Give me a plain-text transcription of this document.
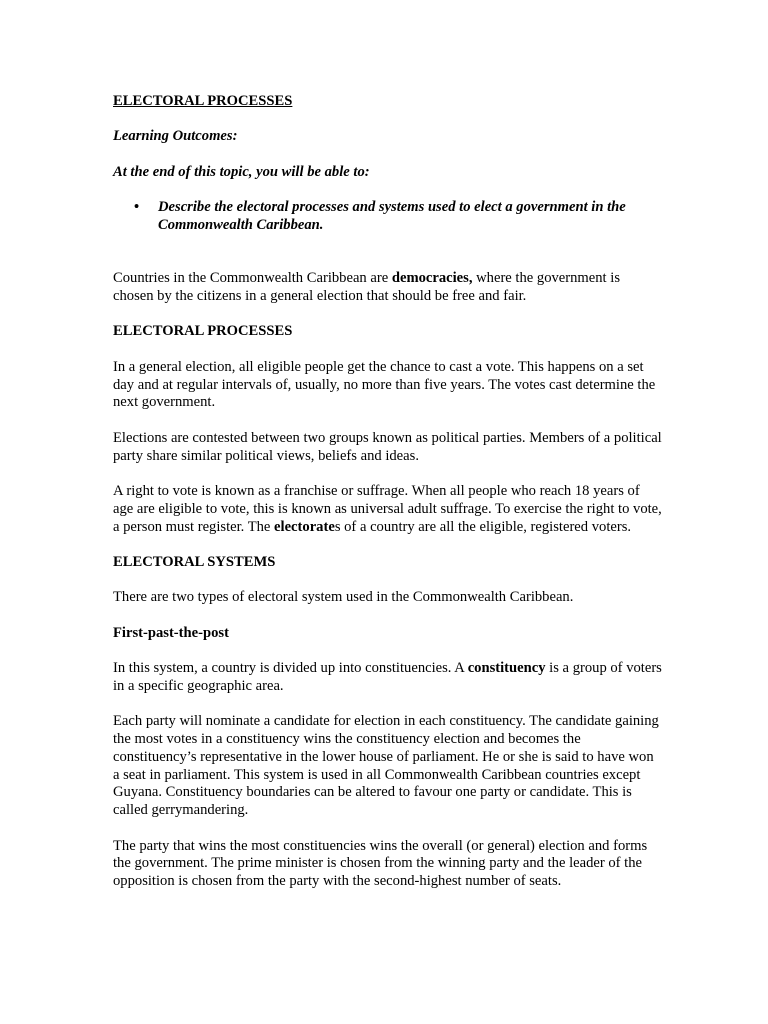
ELECTORAL PROCESSES

Learning Outcomes:

At the end of this topic, you will be able to:

• Describe the electoral processes and systems used to elect a government in the Commonwealth Caribbean.

Countries in the Commonwealth Caribbean are democracies, where the government is chosen by the citizens in a general election that should be free and fair.

ELECTORAL PROCESSES

In a general election, all eligible people get the chance to cast a vote. This happens on a set day and at regular intervals of, usually, no more than five years. The votes cast determine the next government.

Elections are contested between two groups known as political parties. Members of a political party share similar political views, beliefs and ideas.

A right to vote is known as a franchise or suffrage. When all people who reach 18 years of age are eligible to vote, this is known as universal adult suffrage. To exercise the right to vote, a person must register. The electorates of a country are all the eligible, registered voters.

ELECTORAL SYSTEMS

There are two types of electoral system used in the Commonwealth Caribbean.

First-past-the-post

In this system, a country is divided up into constituencies. A constituency is a group of voters in a specific geographic area.

Each party will nominate a candidate for election in each constituency. The candidate gaining the most votes in a constituency wins the constituency election and becomes the constituency’s representative in the lower house of parliament. He or she is said to have won a seat in parliament. This system is used in all Commonwealth Caribbean countries except Guyana. Constituency boundaries can be altered to favour one party or candidate. This is called gerrymandering.

The party that wins the most constituencies wins the overall (or general) election and forms the government. The prime minister is chosen from the winning party and the leader of the opposition is chosen from the party with the second-highest number of seats.
